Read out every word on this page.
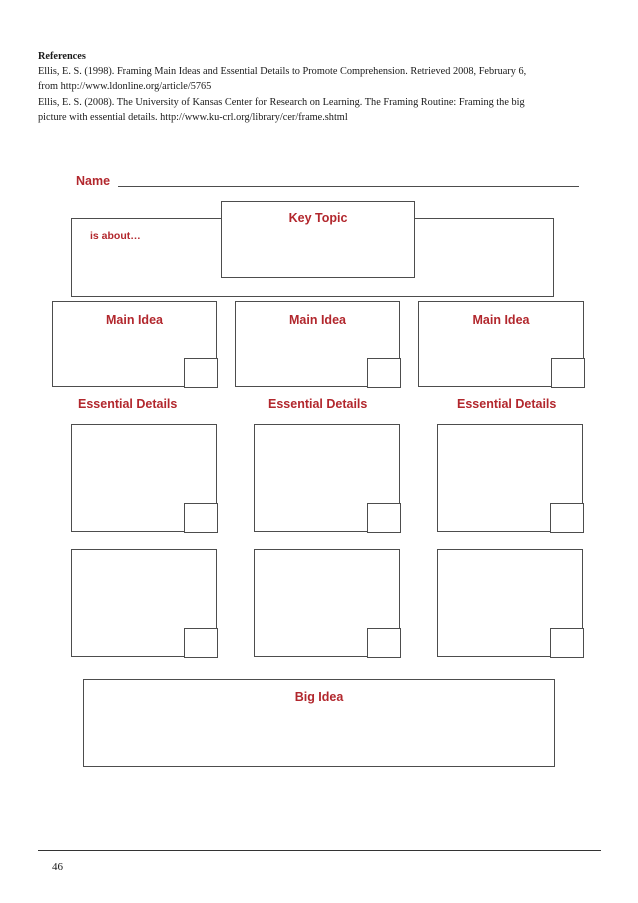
References
Ellis, E. S. (1998). Framing Main Ideas and Essential Details to Promote Comprehension. Retrieved 2008, February 6,
from http://www.ldonline.org/article/5765
Ellis, E. S. (2008). The University of Kansas Center for Research on Learning. The Framing Routine: Framing the big
picture with essential details. http://www.ku-crl.org/library/cer/frame.shtml
Name
is about…
Key Topic
Main Idea	Main Idea	Main Idea
Essential Details	Essential Details	Essential Details
Big Idea
46
